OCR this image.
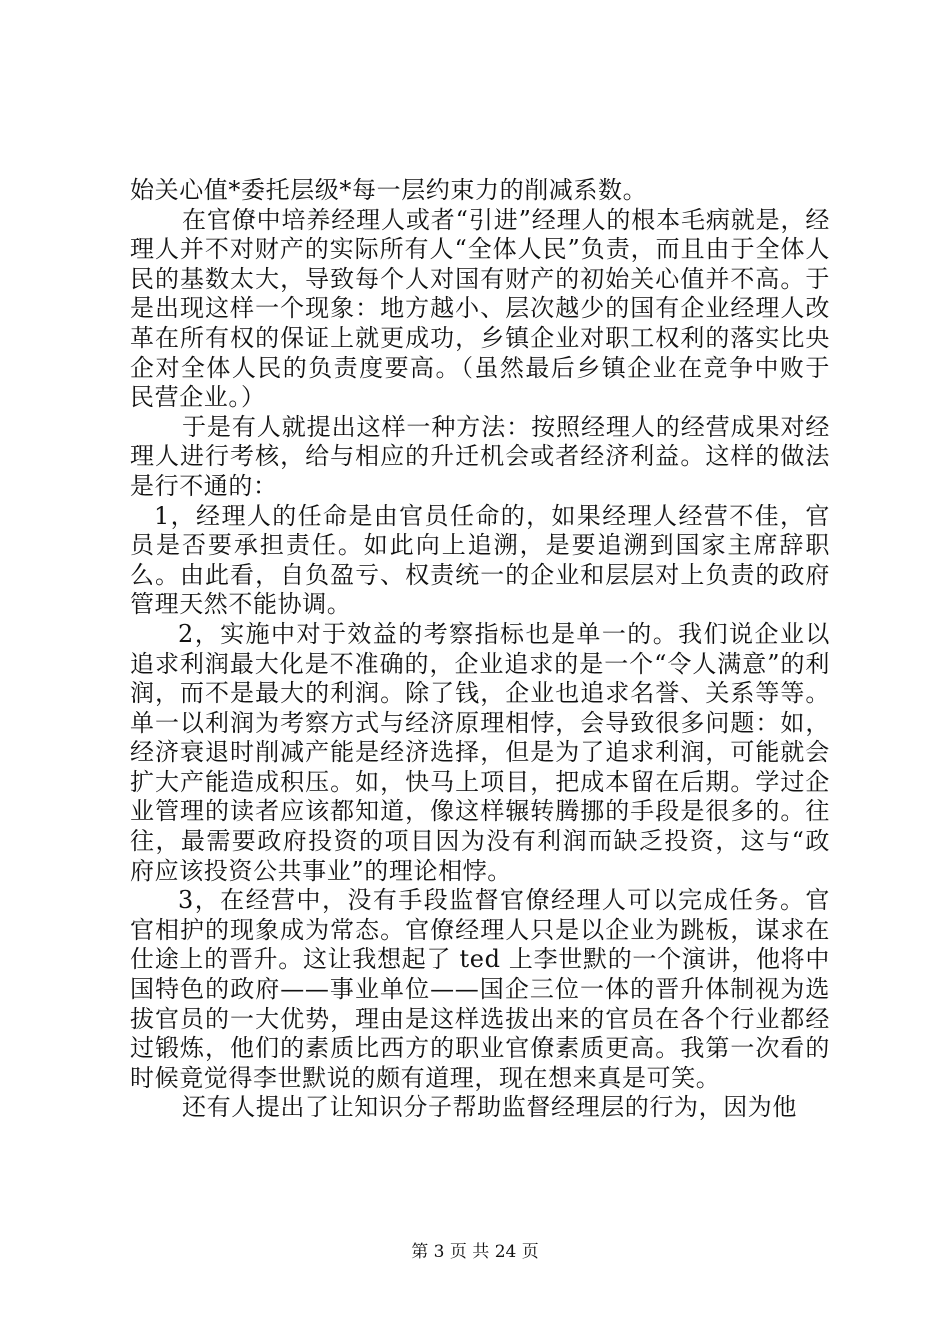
始关心值*委托层级*每一层约束力的削减系数。

在官僚中培养经理人或者“引进”经理人的根本毛病就是，经理人并不对财产的实际所有人“全体人民”负责，而且由于全体人民的基数太大，导致每个人对国有财产的初始关心值并不高。于是出现这样一个现象：地方越小、层次越少的国有企业经理人改革在所有权的保证上就更成功，乡镇企业对职工权利的落实比央企对全体人民的负责度要高。（虽然最后乡镇企业在竞争中败于民营企业。）

于是有人就提出这样一种方法：按照经理人的经营成果对经理人进行考核，给与相应的升迁机会或者经济利益。这样的做法是行不通的：

1，经理人的任命是由官员任命的，如果经理人经营不佳，官员是否要承担责任。如此向上追溯，是要追溯到国家主席辞职么。由此看，自负盈亏、权责统一的企业和层层对上负责的政府管理天然不能协调。

2，实施中对于效益的考察指标也是单一的。我们说企业以追求利润最大化是不准确的，企业追求的是一个“令人满意”的利润，而不是最大的利润。除了钱，企业也追求名誉、关系等等。单一以利润为考察方式与经济原理相悖，会导致很多问题：如，经济衰退时削减产能是经济选择，但是为了追求利润，可能就会扩大产能造成积压。如，快马上项目，把成本留在后期。学过企业管理的读者应该都知道，像这样辗转腾挪的手段是很多的。往往，最需要政府投资的项目因为没有利润而缺乏投资，这与“政府应该投资公共事业”的理论相悖。

3，在经营中，没有手段监督官僚经理人可以完成任务。官官相护的现象成为常态。官僚经理人只是以企业为跳板，谋求在仕途上的晋升。这让我想起了 ted 上李世默的一个演讲，他将中国特色的政府——事业单位——国企三位一体的晋升体制视为选拔官员的一大优势，理由是这样选拔出来的官员在各个行业都经过锻炼，他们的素质比西方的职业官僚素质更高。我第一次看的时候竟觉得李世默说的颇有道理，现在想来真是可笑。

还有人提出了让知识分子帮助监督经理层的行为，因为他

第 3 页 共 24 页
